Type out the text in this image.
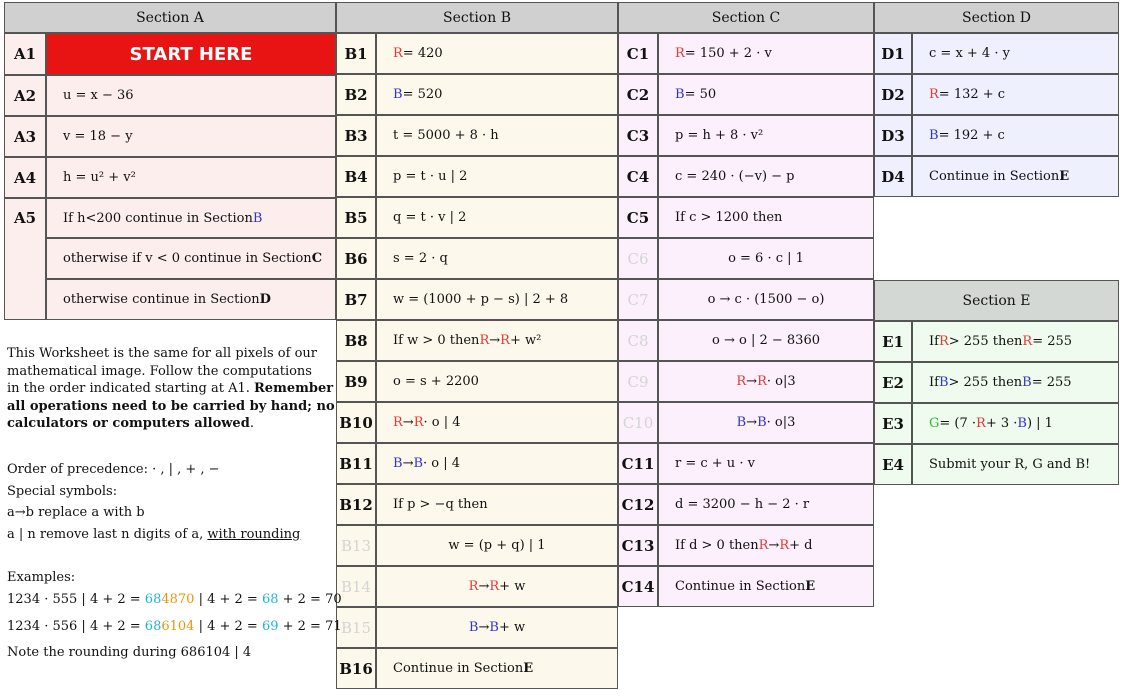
Section A	Section B	Section C	Section D
A1	START HERE
A2	u = x − 36
A3	v = 18 − y
A4	h = u² + v²
A5	If h<200 continue in Section B
otherwise if v < 0 continue in Section C
otherwise continue in Section D
B1	R = 420
B2	B = 520
B3	t = 5000 + 8 · h
B4	p = t · u | 2
B5	q = t · v | 2
B6	s = 2 · q
B7	w = (1000 + p − s) | 2 + 8
B8	If w > 0 then R → R + w²
B9	o = s + 2200
B10 R → R · o | 4
B11 B → B · o | 4
B12	If p > −q then
B13	w = (p + q) | 1
B14	R → R + w
B15	B → B + w
B16	Continue in Section E
C1	R = 150 + 2 · v
C2	B = 50
C3	p = h + 8 · v²
C4	c = 240 · (−v) − p
C5	If c > 1200 then
C6	o = 6 · c | 1
C7	o → c · (1500 − o)
C8	o → o | 2 − 8360
C9	R → R · o|3
C10	B → B · o|3
C11	r = c + u · v
C12	d = 3200 − h − 2 · r
C13	If d > 0 then R → R + d
C14	Continue in Section E
D1	c = x + 4 · y
D2	R = 132 + c
D3	B = 192 + c
D4	Continue in Section E
Section E
E1	If R > 255 then R = 255
E2	If B > 255 then B = 255
E3	G = (7 · R + 3 · B ) | 1
E4	Submit your R, G and B!
This Worksheet is the same for all pixels of our
mathematical image. Follow the computations
in the order indicated starting at A1. Remember
all operations need to be carried by hand; no
calculators or computers allowed.
Order of precedence: · , | , + , −
Special symbols:
a→b replace a with b
a | n remove last n digits of a, with rounding
Examples:
1234 · 555 | 4 + 2 = 684870 | 4 + 2 = 68 + 2 = 70
1234 · 556 | 4 + 2 = 686104 | 4 + 2 = 69 + 2 = 71
Note the rounding during 686104 | 4
